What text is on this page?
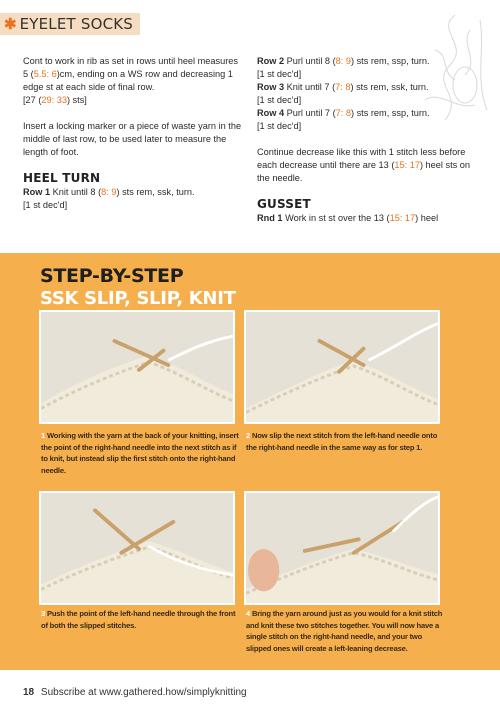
✱ EYELET SOCKS

Cont to work in rib as set in rows until heel measures 5 (5.5: 6)cm, ending on a WS row and decreasing 1 edge st at each side of final row.
[27 (29: 33) sts]

Insert a locking marker or a piece of waste yarn in the middle of last row, to be used later to measure the length of foot.

HEEL TURN
Row 1 Knit until 8 (8: 9) sts rem, ssk, turn.
[1 st dec'd]
Row 2 Purl until 8 (8: 9) sts rem, ssp, turn.
[1 st dec'd]
Row 3 Knit until 7 (7: 8) sts rem, ssk, turn.
[1 st dec'd]
Row 4 Purl until 7 (7: 8) sts rem, ssp, turn.
[1 st dec'd]

Continue decrease like this with 1 stitch less before each decrease until there are 13 (15: 17) heel sts on the needle.

GUSSET
Rnd 1 Work in st st over the 13 (15: 17) heel
STEP-BY-STEP
SSK SLIP, SLIP, KNIT
1 Working with the yarn at the back of your knitting, insert the point of the right-hand needle into the next stitch as if to knit, but instead slip the first stitch onto the right-hand needle.
2 Now slip the next stitch from the left-hand needle onto the right-hand needle in the same way as for step 1.
3 Push the point of the left-hand needle through the front of both the slipped stitches.
4 Bring the yarn around just as you would for a knit stitch and knit these two stitches together. You will now have a single stitch on the right-hand needle, and your two slipped ones will create a left-leaning decrease.
18 Subscribe at www.gathered.how/simplyknitting
